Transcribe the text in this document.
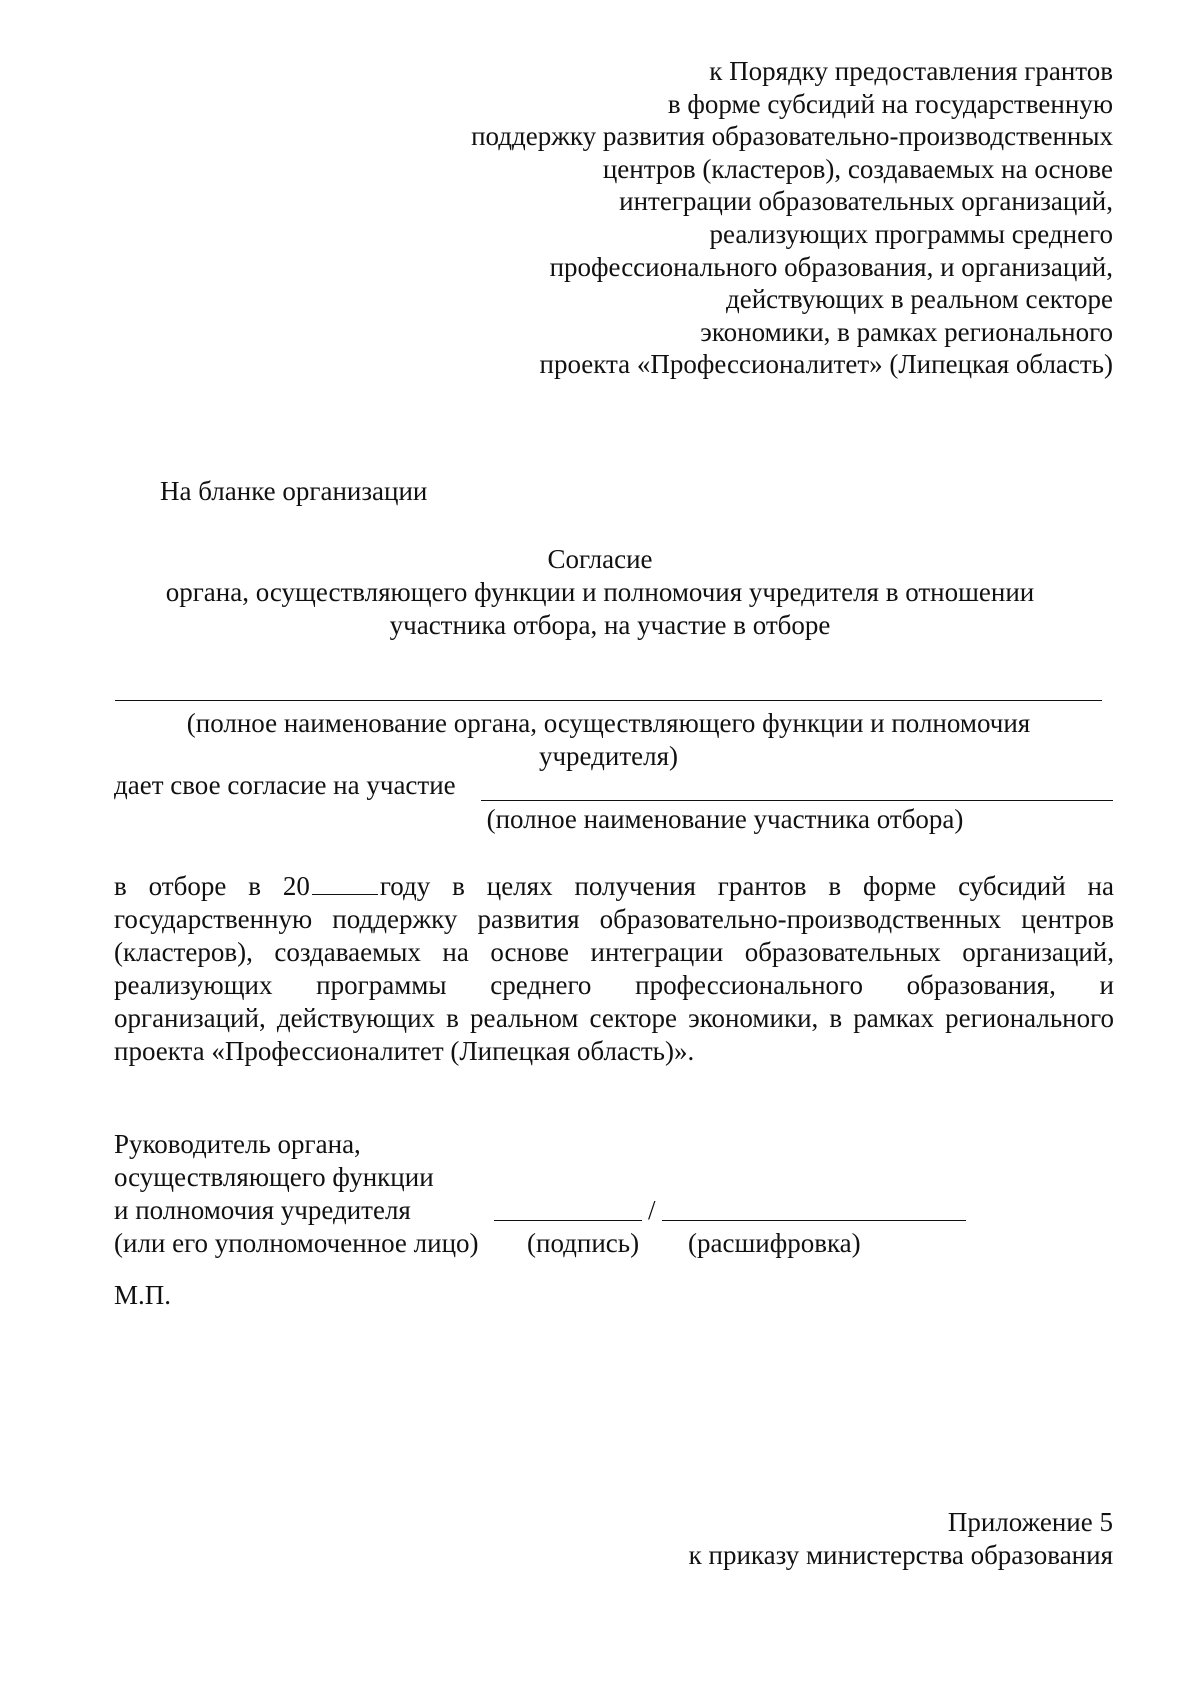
к Порядку предоставления грантов
в форме субсидий на государственную
поддержку развития образовательно-производственных
центров (кластеров), создаваемых на основе
интеграции образовательных организаций,
реализующих программы среднего
профессионального образования, и организаций,
действующих в реальном секторе
экономики, в рамках регионального
проекта «Профессионалитет» (Липецкая область)
На бланке организации
Согласие
органа, осуществляющего функции и полномочия учредителя в отношении
участника отбора, на участие в отборе
(полное наименование органа, осуществляющего функции и полномочия
учредителя)
дает свое согласие на участие
(полное наименование участника отбора)
в отборе в 20	году в целях получения грантов в форме субсидий на
государственную поддержку развития образовательно-производственных центров
(кластеров), создаваемых на основе интеграции образовательных организаций,
реализующих программы среднего профессионального образования, и
организаций, действующих в реальном секторе экономики, в рамках регионального
проекта «Профессионалитет (Липецкая область)».
Руководитель органа,
осуществляющего функции
и полномочия учредителя	/
(или его уполномоченное лицо) (подпись) (расшифровка)
М.П.
Приложение 5
к приказу министерства образования
